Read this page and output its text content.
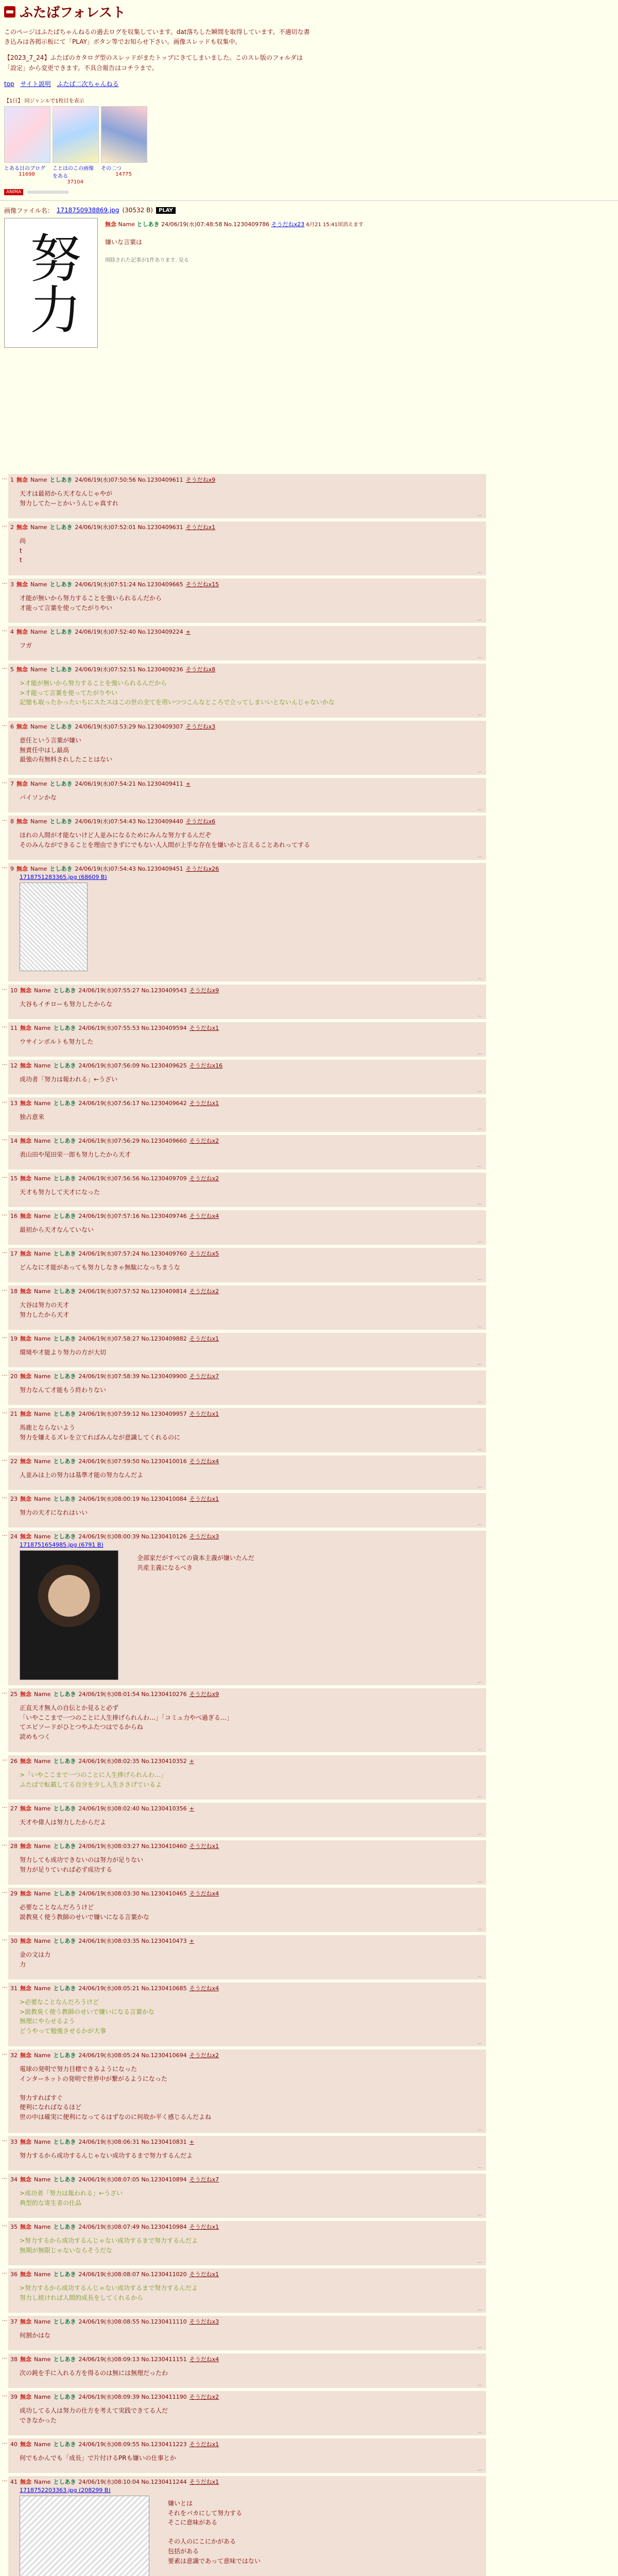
ふたばフォレスト

このページはふたばちゃんねるの過去ログを収集しています。dat落ちした瞬間を取得しています。不適切な書き込みは各掲示板にて「PLAY」ボタン等でお知らせ下さい。画像スレッドも収集中。

【2023_7_24】ふたばのカタログ型のスレッドがまたトップにきてしまいました。このスレ版のフォルダは「設定」から変更できます。不具合報告はコチラまで。

top サイト説明 ふたば二次ちゃんねる
【1日】 同ジャンルで1枚目を表示
とある日のブログ
11698
ことはのこの画像をある
37104
その二つ
14775
ANIMA
画像ファイル名： 1718750938869.jpg (30532 B)	PLAY
努力
無念 Name としあき 24/06/19(水)07:48:58 No.1230409786 そうだねx23 6月21 15:41頃消えます
嫌いな言葉は
削除された記事が1件あります. 見る
… 1 無念 Name としあき 24/06/19(水)07:50:56 No.1230409611 そうだねx9
天才は最初から天才なんじゃやが
努力してたーとかいうんじゃ真すれ
...
… 2 無念 Name としあき 24/06/19(水)07:52:01 No.1230409631 そうだねx1
尚
t
t
...
… 3 無念 Name としあき 24/06/19(水)07:51:24 No.1230409665 そうだねx15
才能が無いから努力することを強いられるんだから
才能って言葉を使ってたがりやい
...
… 4 無念 Name としあき 24/06/19(水)07:52:40 No.1230409224 +
フガ
...
… 5 無念 Name としあき 24/06/19(水)07:52:51 No.1230409236 そうだねx8
>才能が無いから努力することを強いられるんだから
>才能って言葉を使ってたがりやい
記憶も取ったかったいちにスたスはこの世の全てを用いつつこんなところで立ってしまいいとないんじゃないかな
...
… 6 無念 Name としあき 24/06/19(水)07:53:29 No.1230409307 そうだねx3
意任という言葉が嫌い
無責任中はし最高
最強の有無料されしたことはない
...
… 7 無念 Name としあき 24/06/19(水)07:54:21 No.1230409411 +
パイソンかな
...
… 8 無念 Name としあき 24/06/19(水)07:54:43 No.1230409440 そうだねx6
ほれの人間が才能ないけど人並みになるためにみんな努力するんだぞ
そのみんなができることを理由できずにでもない人人間が上手な存在を嫌いかと言えることあれってする
...
… 9 無念 Name としあき 24/06/19(水)07:54:43 No.1230409451 そうだねx26
1718751283365.jpg (68609 B)
...
… 10 無念 Name としあき 24/06/19(水)07:55:27 No.1230409543 そうだねx9
大谷もイチローも努力したからな
...
… 11 無念 Name としあき 24/06/19(水)07:55:53 No.1230409594 そうだねx1
ウサインボルトも努力した
...
… 12 無念 Name としあき 24/06/19(水)07:56:09 No.1230409625 そうだねx16
成功者「努力は報われる」←うざい
...
… 13 無念 Name としあき 24/06/19(水)07:56:17 No.1230409642 そうだねx1
独占意来
...
… 14 無念 Name としあき 24/06/19(水)07:56:29 No.1230409660 そうだねx2
表山田や尾田栄一郎も努力したから天才
...
… 15 無念 Name としあき 24/06/19(水)07:56:56 No.1230409709 そうだねx2
天才も努力して天才になった
...
… 16 無念 Name としあき 24/06/19(水)07:57:16 No.1230409746 そうだねx4
最初から天才なんていない
...
… 17 無念 Name としあき 24/06/19(水)07:57:24 No.1230409760 そうだねx5
どんなに才能があっても努力しなきゃ無駄になっちまうな
...
… 18 無念 Name としあき 24/06/19(水)07:57:52 No.1230409814 そうだねx2
大谷は努力の天才
努力したから天才
...
… 19 無念 Name としあき 24/06/19(水)07:58:27 No.1230409882 そうだねx1
環境や才能より努力の方が大切
...
… 20 無念 Name としあき 24/06/19(水)07:58:39 No.1230409900 そうだねx7
努力なんて才能もう終わりない
...
… 21 無念 Name としあき 24/06/19(水)07:59:12 No.1230409957 そうだねx1
馬鹿とならないよう
努力を嫌えるズレを立てればみんなが意識してくれるのに
...
… 22 無念 Name としあき 24/06/19(水)07:59:50 No.1230410016 そうだねx4
人並みは上の努力は基準才能の努力なんだよ
...
… 23 無念 Name としあき 24/06/19(水)08:00:19 No.1230410084 そうだねx1
努力の天才になれはいい
...
… 24 無念 Name としあき 24/06/19(水)08:00:39 No.1230410126 そうだねx3
1718751654985.jpg (6791 B)
全部家だがすべての資本主義が嫌いたんだ
共産主義になるべき
...
… 25 無念 Name としあき 24/06/19(水)08:01:54 No.1230410276 そうだねx9
正直天才無人の自伝とか見ると必ず
「いやここまで一つのことに人生捧げられんわ…」「コミュ力やべ過ぎる…」
てエピソードがひとつやふたつはでるからね
読めもつく
...
… 26 無念 Name としあき 24/06/19(水)08:02:35 No.1230410352 +
>「いやここまで一つのことに人生捧げられんわ…」
ふたばで転載してる自分を少し人生ささげているよ
...
… 27 無念 Name としあき 24/06/19(水)08:02:40 No.1230410356 +
天才や偉人は努力したからだよ
...
… 28 無念 Name としあき 24/06/19(水)08:03:27 No.1230410460 そうだねx1
努力しても成功できないのは努力が足りない
努力が足りていれば必ず成功する
...
… 29 無念 Name としあき 24/06/19(水)08:03:30 No.1230410465 そうだねx4
必要なことなんだろうけど
説教臭く使う教師のせいで嫌いになる言葉かな
...
… 30 無念 Name としあき 24/06/19(水)08:03:35 No.1230410473 +
金の文は力
力
...
… 31 無念 Name としあき 24/06/19(水)08:05:21 No.1230410685 そうだねx4
>必要なことなんだろうけど
>説教臭く使う教師のせいで嫌いになる言葉かな
無理にやらせるよう
どうやって勉強させるかが大事
...
… 32 無念 Name としあき 24/06/19(水)08:05:24 No.1230410694 そうだねx2
電球の発明で努力目標できるようになった
インターネットの発明で世界中が繋がるようになった

努力すればすぐ
便利になればなるほど
世の中は確実に便利になってるはずなのに何故か平く感じるんだよね
...
… 33 無念 Name としあき 24/06/19(水)08:06:31 No.1230410831 +
努力するから成功するんじゃない成功するまで努力するんだよ
...
… 34 無念 Name としあき 24/06/19(水)08:07:05 No.1230410894 そうだねx7
>成功者「努力は報われる」←うざい
典型的な寄生者の仕品
...
… 35 無念 Name としあき 24/06/19(水)08:07:49 No.1230410984 そうだねx1
>努力するから成功するんじゃない成功するまで努力するんだよ
無期が無限じゃないならそうだな
...
… 36 無念 Name としあき 24/06/19(水)08:08:07 No.1230411020 そうだねx1
>努力するから成功するんじゃない成功するまで努力するんだよ
努力し続ければ人間的成長をしてくれるから
...
… 37 無念 Name としあき 24/06/19(水)08:08:55 No.1230411110 そうだねx3
何割かはな
...
… 38 無念 Name としあき 24/06/19(水)08:09:13 No.1230411151 そうだねx4
次の鈍を手に入れる方を得るのは無には無理だったわ
...
… 39 無念 Name としあき 24/06/19(水)08:09:39 No.1230411190 そうだねx2
成功してる人は努力の仕方を考えて実践できてる人だ
できなかった
...
… 40 無念 Name としあき 24/06/19(水)08:09:55 No.1230411223 そうだねx1
何でもかんでも「成長」で片付けるPRも嫌いの仕事とか
...
… 41 無念 Name としあき 24/06/19(水)08:10:04 No.1230411244 そうだねx1
1718752203363.jpg (208299 B)
嫌いとは
それをバカにして努力する
そこに意味がある

その人のにこにかがある
包括がある
要素は意識であって意味ではない
